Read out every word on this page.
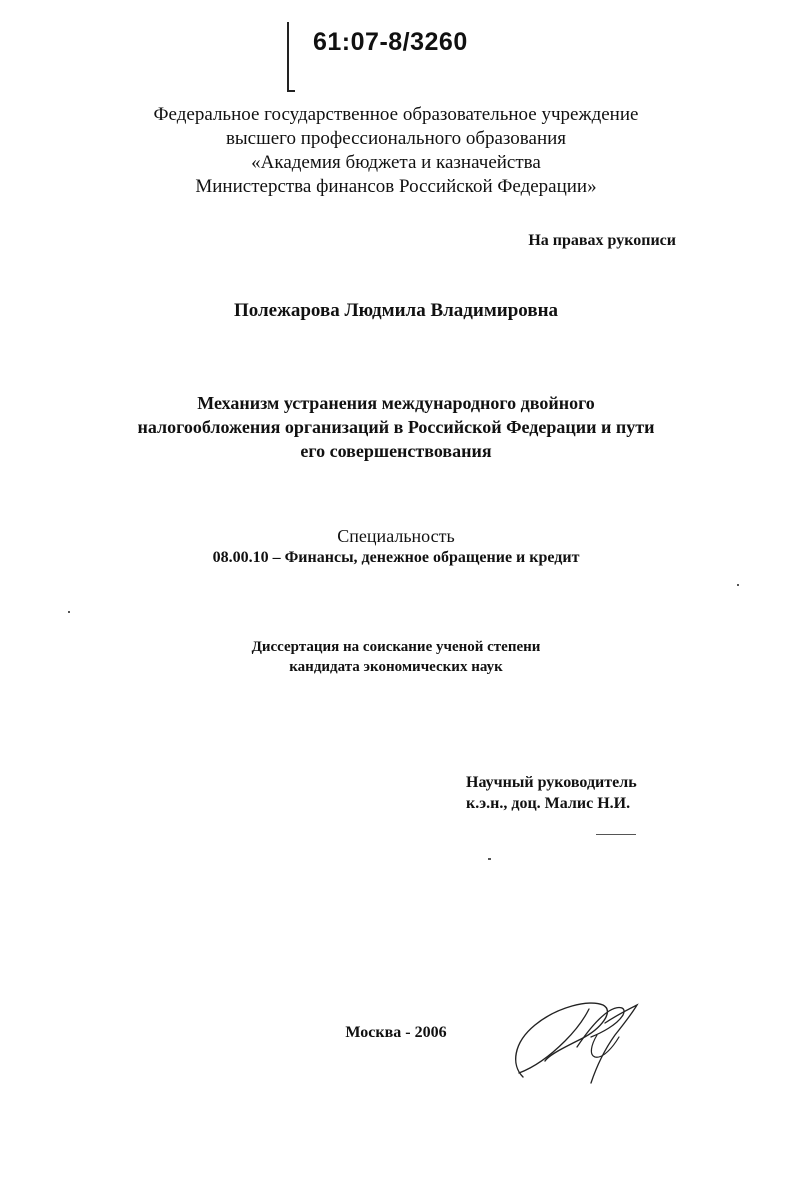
61:07-8/3260
Федеральное государственное образовательное учреждение
высшего профессионального образования
«Академия бюджета и казначейства
Министерства финансов Российской Федерации»
На правах рукописи
Полежарова Людмила Владимировна
Механизм устранения международного двойного
налогообложения организаций в Российской Федерации и пути
его совершенствования
Специальность
08.00.10 – Финансы, денежное обращение и кредит
Диссертация на соискание ученой степени
кандидата экономических наук
Научный руководитель
к.э.н., доц. Малис Н.И.
Москва - 2006
